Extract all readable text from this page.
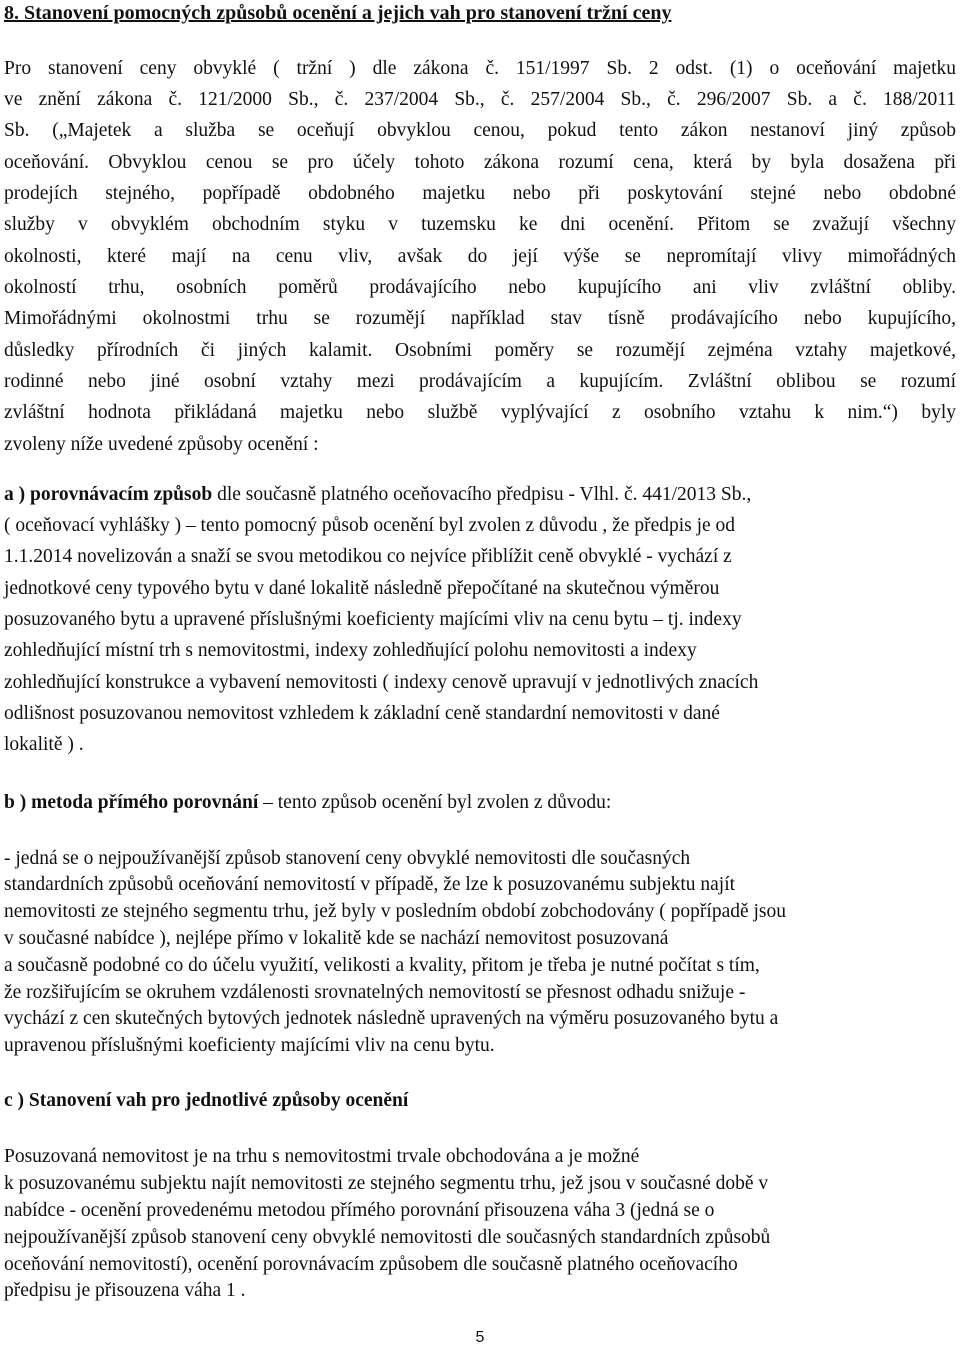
8. Stanovení pomocných způsobů ocenění a jejich vah pro stanovení tržní ceny
Pro stanovení ceny obvyklé ( tržní ) dle zákona č. 151/1997 Sb. 2 odst. (1) o oceňování majetku
ve znění zákona č. 121/2000 Sb., č. 237/2004 Sb., č. 257/2004 Sb., č. 296/2007 Sb. a č. 188/2011
Sb. („Majetek a služba se oceňují obvyklou cenou, pokud tento zákon nestanoví jiný způsob
oceňování. Obvyklou cenou se pro účely tohoto zákona rozumí cena, která by byla dosažena při
prodejích stejného, popřípadě obdobného majetku nebo při poskytování stejné nebo obdobné
služby v obvyklém obchodním styku v tuzemsku ke dni ocenění. Přitom se zvažují všechny
okolnosti, které mají na cenu vliv, avšak do její výše se nepromítají vlivy mimořádných
okolností trhu, osobních poměrů prodávajícího nebo kupujícího ani vliv zvláštní obliby.
Mimořádnými okolnostmi trhu se rozumějí například stav tísně prodávajícího nebo kupujícího,
důsledky přírodních či jiných kalamit. Osobními poměry se rozumějí zejména vztahy majetkové,
rodinné nebo jiné osobní vztahy mezi prodávajícím a kupujícím. Zvláštní oblibou se rozumí
zvláštní hodnota přikládaná majetku nebo službě vyplývající z osobního vztahu k nim.“) byly
zvoleny níže uvedené způsoby ocenění :
a ) porovnávacím způsob dle současně platného oceňovacího předpisu - Vlhl. č. 441/2013 Sb.,
( oceňovací vyhlášky ) – tento pomocný působ ocenění byl zvolen z důvodu , že předpis je od
1.1.2014 novelizován a snaží se svou metodikou co nejvíce přiblížit ceně obvyklé - vychází z
jednotkové ceny typového bytu v dané lokalitě následně přepočítané na skutečnou výměrou
posuzovaného bytu a upravené příslušnými koeficienty majícími vliv na cenu bytu – tj. indexy
zohledňující místní trh s nemovitostmi, indexy zohledňující polohu nemovitosti a indexy
zohledňující konstrukce a vybavení nemovitosti ( indexy cenově upravují v jednotlivých znacích
odlišnost posuzovanou nemovitost vzhledem k základní ceně standardní nemovitosti v dané
lokalitě ) .
b ) metoda přímého porovnání – tento způsob ocenění byl zvolen z důvodu:
- jedná se o nejpoužívanější způsob stanovení ceny obvyklé nemovitosti dle současných
standardních způsobů oceňování nemovitostí v případě, že lze k posuzovanému subjektu najít
nemovitosti ze stejného segmentu trhu, jež byly v posledním období zobchodovány ( popřípadě jsou
v současné nabídce ), nejlépe přímo v lokalitě kde se nachází nemovitost posuzovaná
a současně podobné co do účelu využití, velikosti a kvality, přitom je třeba je nutné počítat s tím,
že rozšiřujícím se okruhem vzdálenosti srovnatelných nemovitostí se přesnost odhadu snižuje -
vychází z cen skutečných bytových jednotek následně upravených na výměru posuzovaného bytu a
upravenou příslušnými koeficienty majícími vliv na cenu bytu.
c ) Stanovení vah pro jednotlivé způsoby ocenění
Posuzovaná nemovitost je na trhu s nemovitostmi trvale obchodována a je možné
k posuzovanému subjektu najít nemovitosti ze stejného segmentu trhu, jež jsou v současné době v
nabídce - ocenění provedenému metodou přímého porovnání přisouzena váha 3 (jedná se o
nejpoužívanější způsob stanovení ceny obvyklé nemovitosti dle současných standardních způsobů
oceňování nemovitostí), ocenění porovnávacím způsobem dle současně platného oceňovacího
předpisu je přisouzena váha 1 .
5
